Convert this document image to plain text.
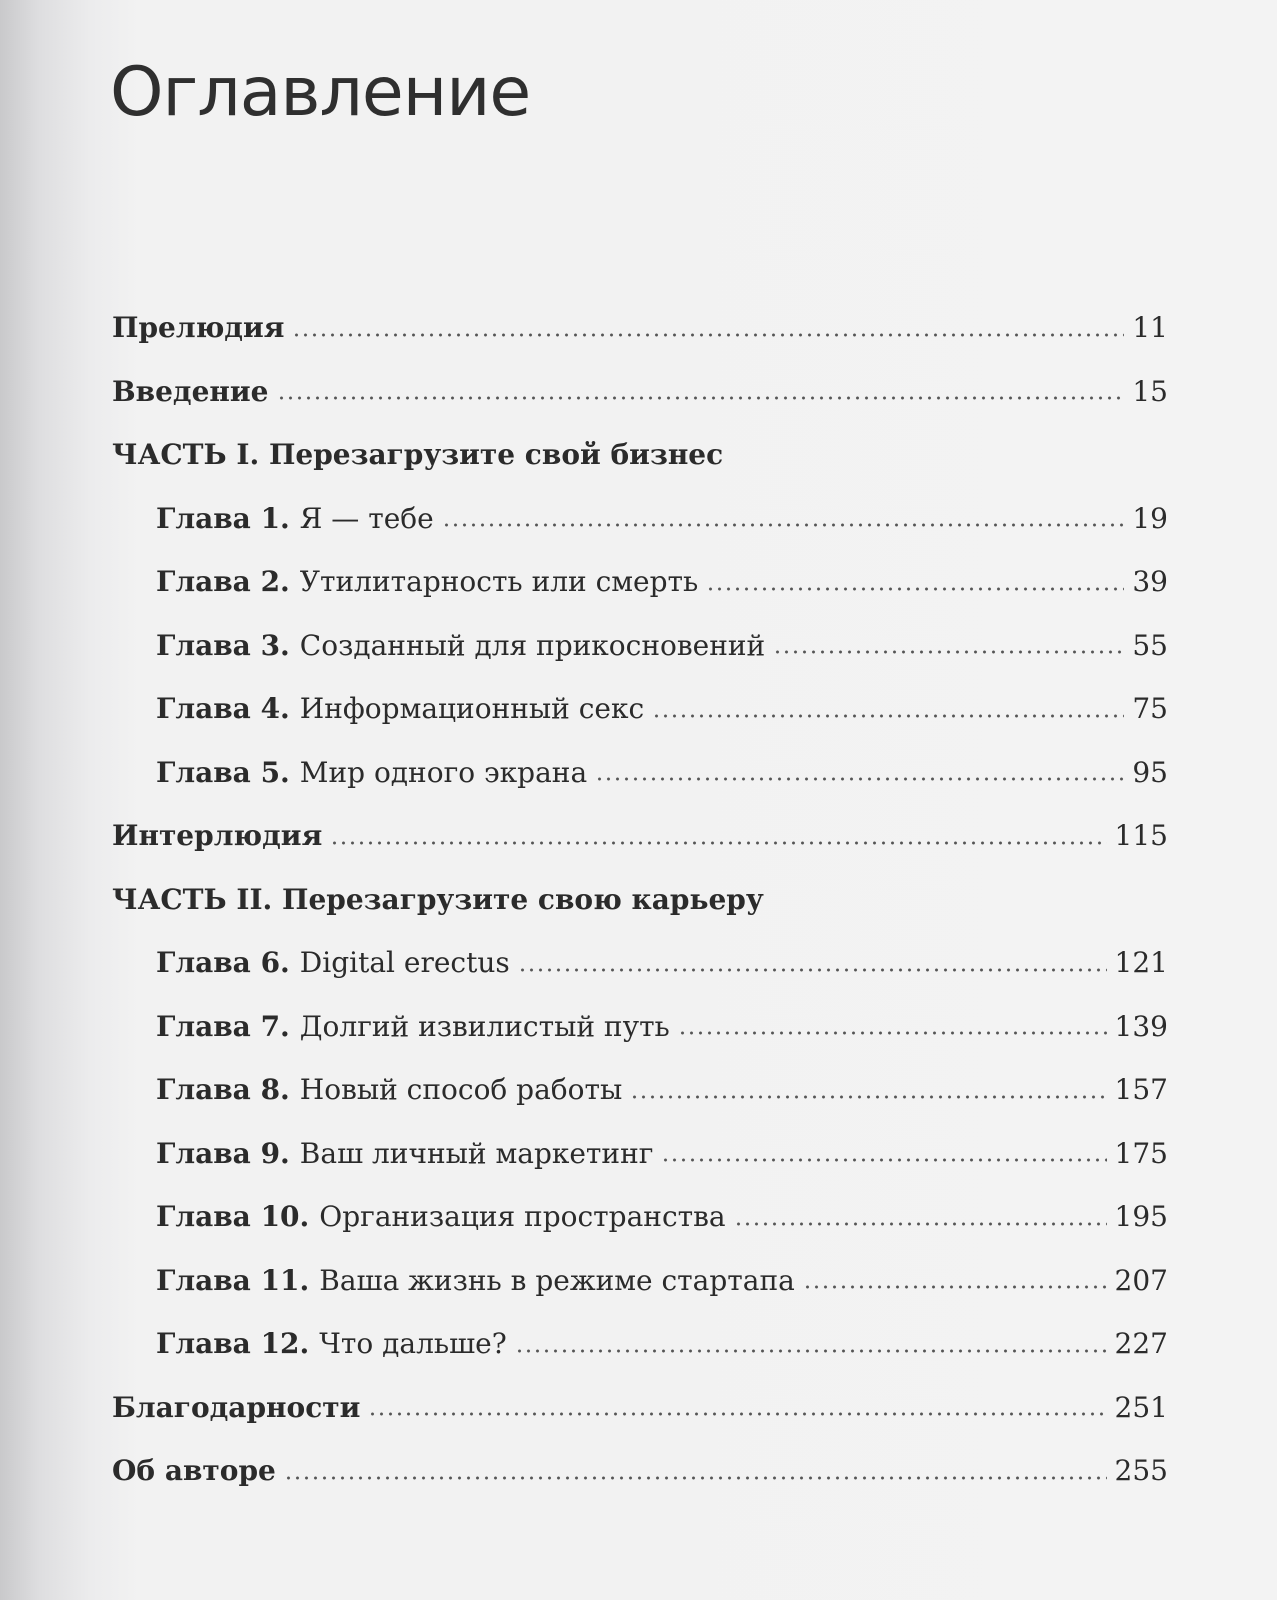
Оглавление
Прелюдия	11
Введение	15
ЧАСТЬ I. Перезагрузите свой бизнес
Глава 1. Я — тебе	19
Глава 2. Утилитарность или смерть	39
Глава 3. Созданный для прикосновений	55
Глава 4. Информационный секс	75
Глава 5. Мир одного экрана	95
Интерлюдия	115
ЧАСТЬ II. Перезагрузите свою карьеру
Глава 6. Digital erectus	121
Глава 7. Долгий извилистый путь	139
Глава 8. Новый способ работы	157
Глава 9. Ваш личный маркетинг	175
Глава 10. Организация пространства	195
Глава 11. Ваша жизнь в режиме стартапа	207
Глава 12. Что дальше?	227
Благодарности	251
Об авторе	255
